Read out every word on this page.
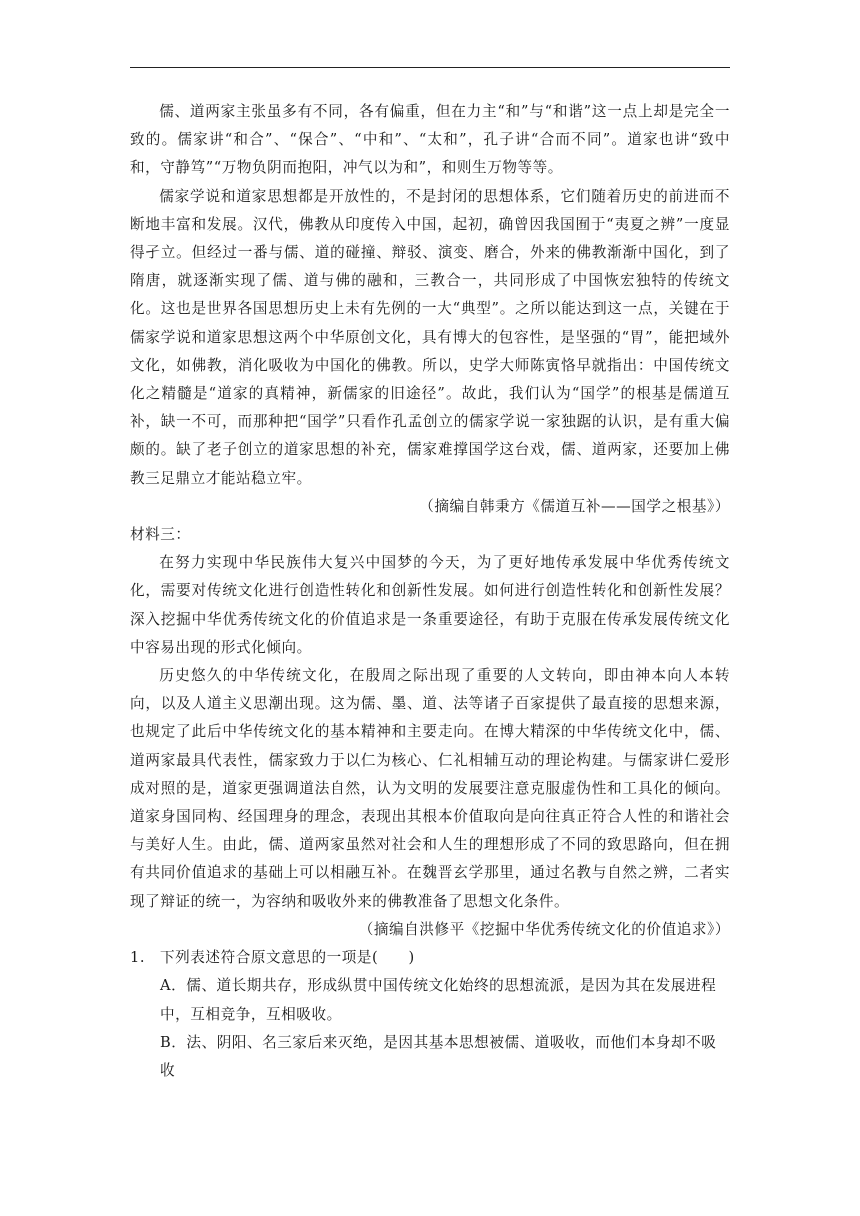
儒、道两家主张虽多有不同，各有偏重，但在力主“和”与“和谐”这一点上却是完全一致的。儒家讲“和合”、“保合”、“中和”、“太和”，孔子讲“合而不同”。道家也讲“致中和，守静笃”“万物负阴而抱阳，冲气以为和”，和则生万物等等。

儒家学说和道家思想都是开放性的，不是封闭的思想体系，它们随着历史的前进而不断地丰富和发展。汉代，佛教从印度传入中国，起初，确曾因我国囿于“夷夏之辨”一度显得孑立。但经过一番与儒、道的碰撞、辩驳、演变、磨合，外来的佛教渐渐中国化，到了隋唐，就逐渐实现了儒、道与佛的融和，三教合一，共同形成了中国恢宏独特的传统文化。这也是世界各国思想历史上未有先例的一大“典型”。之所以能达到这一点，关键在于儒家学说和道家思想这两个中华原创文化，具有博大的包容性，是坚强的“胃”，能把域外文化，如佛教，消化吸收为中国化的佛教。所以，史学大师陈寅恪早就指出：中国传统文化之精髓是“道家的真精神，新儒家的旧途径”。故此，我们认为“国学”的根基是儒道互补，缺一不可，而那种把“国学”只看作孔孟创立的儒家学说一家独踞的认识，是有重大偏颇的。缺了老子创立的道家思想的补充，儒家难撑国学这台戏，儒、道两家，还要加上佛教三足鼎立才能站稳立牢。

（摘编自韩秉方《儒道互补——国学之根基》）

材料三：

在努力实现中华民族伟大复兴中国梦的今天，为了更好地传承发展中华优秀传统文化，需要对传统文化进行创造性转化和创新性发展。如何进行创造性转化和创新性发展？深入挖掘中华优秀传统文化的价值追求是一条重要途径，有助于克服在传承发展传统文化中容易出现的形式化倾向。

历史悠久的中华传统文化，在殷周之际出现了重要的人文转向，即由神本向人本转向，以及人道主义思潮出现。这为儒、墨、道、法等诸子百家提供了最直接的思想来源，也规定了此后中华传统文化的基本精神和主要走向。在博大精深的中华传统文化中，儒、道两家最具代表性，儒家致力于以仁为核心、仁礼相辅互动的理论构建。与儒家讲仁爱形成对照的是，道家更强调道法自然，认为文明的发展要注意克服虚伪性和工具化的倾向。道家身国同构、经国理身的理念，表现出其根本价值取向是向往真正符合人性的和谐社会与美好人生。由此，儒、道两家虽然对社会和人生的理想形成了不同的致思路向，但在拥有共同价值追求的基础上可以相融互补。在魏晋玄学那里，通过名教与自然之辨，二者实现了辩证的统一，为容纳和吸收外来的佛教准备了思想文化条件。

（摘编自洪修平《挖掘中华优秀传统文化的价值追求》）

1.	下列表述符合原文意思的一项是(　　)

A．儒、道长期共存，形成纵贯中国传统文化始终的思想流派，是因为其在发展进程中，互相竞争，互相吸收。

B．法、阴阳、名三家后来灭绝，是因其基本思想被儒、道吸收，而他们本身却不吸收
